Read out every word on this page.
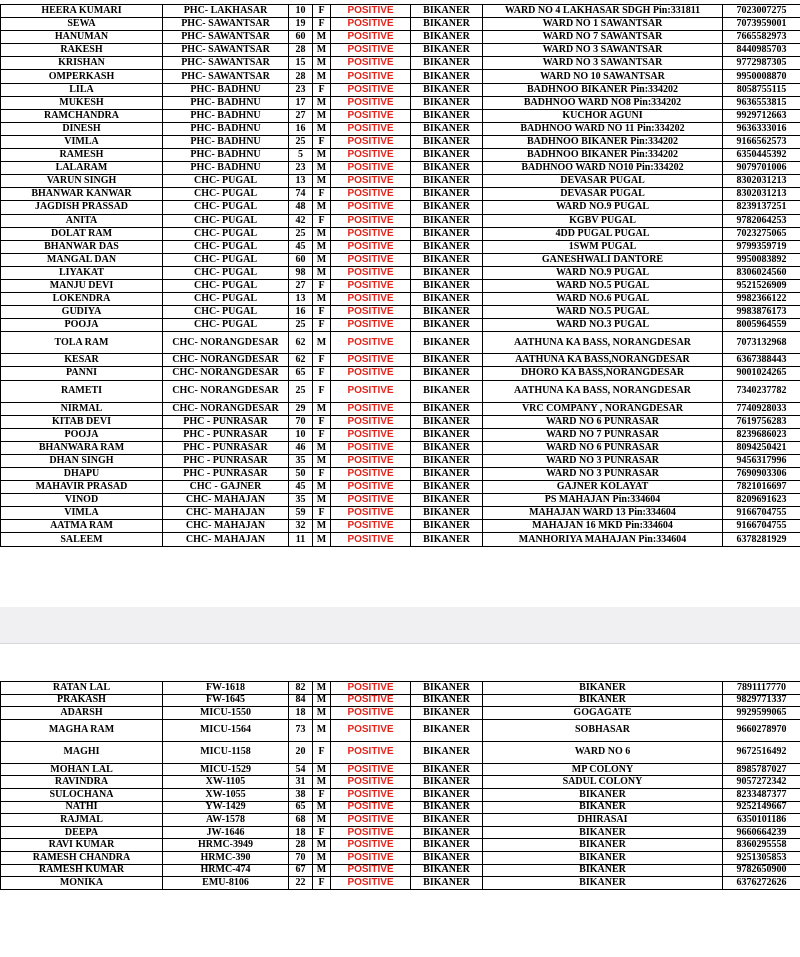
HEERA KUMARI	PHC- LAKHASAR	10	F	POSITIVE	BIKANER	WARD NO 4 LAKHASAR SDGH Pin:331811	7023007275
SEWA	PHC- SAWANTSAR	19	F	POSITIVE	BIKANER	WARD NO 1 SAWANTSAR	7073959001
HANUMAN	PHC- SAWANTSAR	60	M	POSITIVE	BIKANER	WARD NO 7 SAWANTSAR	7665582973
RAKESH	PHC- SAWANTSAR	28	M	POSITIVE	BIKANER	WARD NO 3 SAWANTSAR	8440985703
KRISHAN	PHC- SAWANTSAR	15	M	POSITIVE	BIKANER	WARD NO 3 SAWANTSAR	9772987305
OMPERKASH	PHC- SAWANTSAR	28	M	POSITIVE	BIKANER	WARD NO 10 SAWANTSAR	9950008870
LILA	PHC- BADHNU	23	F	POSITIVE	BIKANER	BADHNOO BIKANER Pin:334202	8058755115
MUKESH	PHC- BADHNU	17	M	POSITIVE	BIKANER	BADHNOO WARD NO8 Pin:334202	9636553815
RAMCHANDRA	PHC- BADHNU	27	M	POSITIVE	BIKANER	KUCHOR AGUNI	9929712663
DINESH	PHC- BADHNU	16	M	POSITIVE	BIKANER	BADHNOO WARD NO 11 Pin:334202	9636333016
VIMLA	PHC- BADHNU	25	F	POSITIVE	BIKANER	BADHNOO BIKANER Pin:334202	9166562573
RAMESH	PHC- BADHNU	5	M	POSITIVE	BIKANER	BADHNOO BIKANER Pin:334202	6350445392
LALARAM	PHC- BADHNU	23	M	POSITIVE	BIKANER	BADHNOO WARD NO10 Pin:334202	9079701006
VARUN SINGH	CHC- PUGAL	13	M	POSITIVE	BIKANER	DEVASAR PUGAL	8302031213
BHANWAR KANWAR	CHC- PUGAL	74	F	POSITIVE	BIKANER	DEVASAR PUGAL	8302031213
JAGDISH PRASSAD	CHC- PUGAL	48	M	POSITIVE	BIKANER	WARD NO.9 PUGAL	8239137251
ANITA	CHC- PUGAL	42	F	POSITIVE	BIKANER	KGBV PUGAL	9782064253
DOLAT RAM	CHC- PUGAL	25	M	POSITIVE	BIKANER	4DD PUGAL PUGAL	7023275065
BHANWAR DAS	CHC- PUGAL	45	M	POSITIVE	BIKANER	1SWM PUGAL	9799359719
MANGAL DAN	CHC- PUGAL	60	M	POSITIVE	BIKANER	GANESHWALI DANTORE	9950083892
LIYAKAT	CHC- PUGAL	98	M	POSITIVE	BIKANER	WARD NO.9 PUGAL	8306024560
MANJU DEVI	CHC- PUGAL	27	F	POSITIVE	BIKANER	WARD NO.5 PUGAL	9521526909
LOKENDRA	CHC- PUGAL	13	M	POSITIVE	BIKANER	WARD NO.6 PUGAL	9982366122
GUDIYA	CHC- PUGAL	16	F	POSITIVE	BIKANER	WARD NO.5 PUGAL	9983876173
POOJA	CHC- PUGAL	25	F	POSITIVE	BIKANER	WARD NO.3 PUGAL	8005964559
TOLA RAM	CHC- NORANGDESAR	62	M	POSITIVE	BIKANER	AATHUNA KA BASS, NORANGDESAR	7073132968
KESAR	CHC- NORANGDESAR	62	F	POSITIVE	BIKANER	AATHUNA KA BASS,NORANGDESAR	6367388443
PANNI	CHC- NORANGDESAR	65	F	POSITIVE	BIKANER	DHORO KA BASS,NORANGDESAR	9001024265
RAMETI	CHC- NORANGDESAR	25	F	POSITIVE	BIKANER	AATHUNA KA BASS, NORANGDESAR	7340237782
NIRMAL	CHC- NORANGDESAR	29	M	POSITIVE	BIKANER	VRC COMPANY , NORANGDESAR	7740928033
KITAB DEVI	PHC - PUNRASAR	70	F	POSITIVE	BIKANER	WARD NO 6 PUNRASAR	7619756283
POOJA	PHC - PUNRASAR	10	F	POSITIVE	BIKANER	WARD NO 7 PUNRASAR	8239686023
BHANWARA RAM	PHC - PUNRASAR	46	M	POSITIVE	BIKANER	WARD NO 6 PUNRASAR	8094250421
DHAN SINGH	PHC - PUNRASAR	35	M	POSITIVE	BIKANER	WARD NO 3 PUNRASAR	9456317996
DHAPU	PHC - PUNRASAR	50	F	POSITIVE	BIKANER	WARD NO 3 PUNRASAR	7690903306
MAHAVIR PRASAD	CHC - GAJNER	45	M	POSITIVE	BIKANER	GAJNER KOLAYAT	7821016697
VINOD	CHC- MAHAJAN	35	M	POSITIVE	BIKANER	PS MAHAJAN Pin:334604	8209691623
VIMLA	CHC- MAHAJAN	59	F	POSITIVE	BIKANER	MAHAJAN WARD 13 Pin:334604	9166704755
AATMA RAM	CHC- MAHAJAN	32	M	POSITIVE	BIKANER	MAHAJAN 16 MKD Pin:334604	9166704755
SALEEM	CHC- MAHAJAN	11	M	POSITIVE	BIKANER	MANHORIYA MAHAJAN Pin:334604	6378281929
RATAN LAL	FW-1618	82	M	POSITIVE	BIKANER	BIKANER	7891117770
PRAKASH	FW-1645	84	M	POSITIVE	BIKANER	BIKANER	9829771337
ADARSH	MICU-1550	18	M	POSITIVE	BIKANER	GOGAGATE	9929599065
MAGHA RAM	MICU-1564	73	M	POSITIVE	BIKANER	SOBHASAR	9660278970
MAGHI	MICU-1158	20	F	POSITIVE	BIKANER	WARD NO 6	9672516492
MOHAN LAL	MICU-1529	54	M	POSITIVE	BIKANER	MP COLONY	8985787027
RAVINDRA	XW-1105	31	M	POSITIVE	BIKANER	SADUL COLONY	9057272342
SULOCHANA	XW-1055	38	F	POSITIVE	BIKANER	BIKANER	8233487377
NATHI	YW-1429	65	M	POSITIVE	BIKANER	BIKANER	9252149667
RAJMAL	AW-1578	68	M	POSITIVE	BIKANER	DHIRASAI	6350101186
DEEPA	JW-1646	18	F	POSITIVE	BIKANER	BIKANER	9660664239
RAVI KUMAR	HRMC-3949	28	M	POSITIVE	BIKANER	BIKANER	8360295558
RAMESH CHANDRA	HRMC-390	70	M	POSITIVE	BIKANER	BIKANER	9251305853
RAMESH KUMAR	HRMC-474	67	M	POSITIVE	BIKANER	BIKANER	9782650900
MONIKA	EMU-8106	22	F	POSITIVE	BIKANER	BIKANER	6376272626
